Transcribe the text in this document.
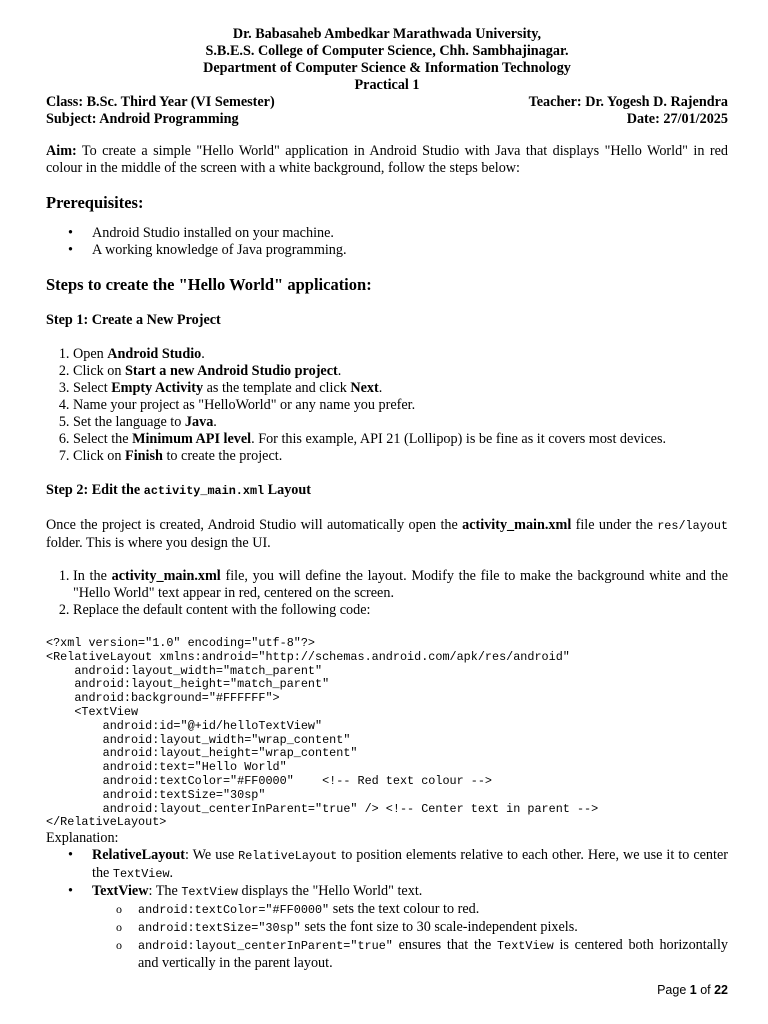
Dr. Babasaheb Ambedkar Marathwada University,
S.B.E.S. College of Computer Science, Chh. Sambhajinagar.
Department of Computer Science & Information Technology
Practical 1
Class: B.Sc. Third Year (VI Semester)	Teacher: Dr. Yogesh D. Rajendra
Subject: Android Programming	Date: 27/01/2025

Aim: To create a simple "Hello World" application in Android Studio with Java that displays "Hello World" in red colour in the middle of the screen with a white background, follow the steps below:

Prerequisites:
• Android Studio installed on your machine.
• A working knowledge of Java programming.
Steps to create the "Hello World" application:
Step 1: Create a New Project
1. Open Android Studio.
2. Click on Start a new Android Studio project.
3. Select Empty Activity as the template and click Next.
4. Name your project as "HelloWorld" or any name you prefer.
5. Set the language to Java.
6. Select the Minimum API level. For this example, API 21 (Lollipop) is be fine as it covers most devices.
7. Click on Finish to create the project.
Step 2: Edit the activity_main.xml Layout

Once the project is created, Android Studio will automatically open the activity_main.xml file under the res/layout folder. This is where you design the UI.

1. In the activity_main.xml file, you will define the layout. Modify the file to make the background white and the "Hello World" text appear in red, centered on the screen.
2. Replace the default content with the following code:
<?xml version="1.0" encoding="utf-8"?>
<RelativeLayout xmlns:android="http://schemas.android.com/apk/res/android"
android:layout_width="match_parent"
android:layout_height="match_parent"
android:background="#FFFFFF">
<TextView
android:id="@+id/helloTextView"
android:layout_width="wrap_content"
android:layout_height="wrap_content"
android:text="Hello World"
android:textColor="#FF0000"    <!-- Red text colour -->
android:textSize="30sp"
android:layout_centerInParent="true" /> <!-- Center text in parent -->
</RelativeLayout>

Explanation:

• RelativeLayout: We use RelativeLayout to position elements relative to each other. Here, we use it to center the TextView.
• TextView: The TextView displays the "Hello World" text.
o android:textColor="#FF0000" sets the text colour to red.
o android:textSize="30sp" sets the font size to 30 scale-independent pixels.
o android:layout_centerInParent="true" ensures that the TextView is centered both horizontally and vertically in the parent layout.
Page 1 of 22
